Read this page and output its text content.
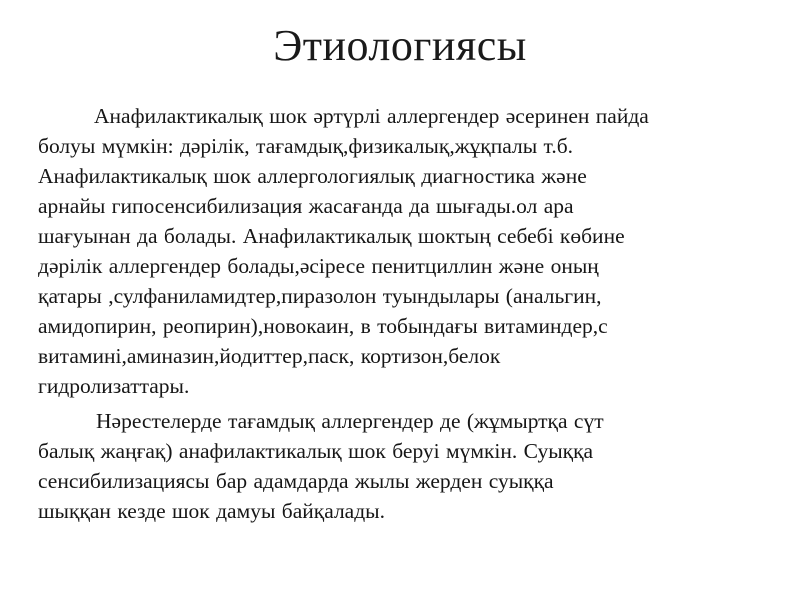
Этиологиясы

Анафилактикалық шок әртүрлі аллергендер әсеринен пайда
болуы мүмкін: дәрілік, тағамдық,физикалық,жұқпалы т.б.
Анафилактикалық шок аллергологиялық диагностика және
арнайы гипосенсибилизация жасағанда да шығады.ол ара
шағуынан да болады. Анафилактикалық шоктың себебі көбине
дәрілік аллергендер болады,әсіресе пенитциллин және оның
қатары ,сулфаниламидтер,пиразолон туындылары (анальгин,
амидопирин, реопирин),новокаин, в тобындағы витаминдер,с
витамині,аминазин,йодиттер,паск, кортизон,белок
гидролизаттары.

Нәрестелерде тағамдық аллергендер де (жұмыртқа сүт
балық жаңғақ) анафилактикалық шок беруі мүмкін. Суыққа
сенсибилизациясы бар адамдарда жылы жерден суыққа
шыққан кезде шок дамуы байқалады.
